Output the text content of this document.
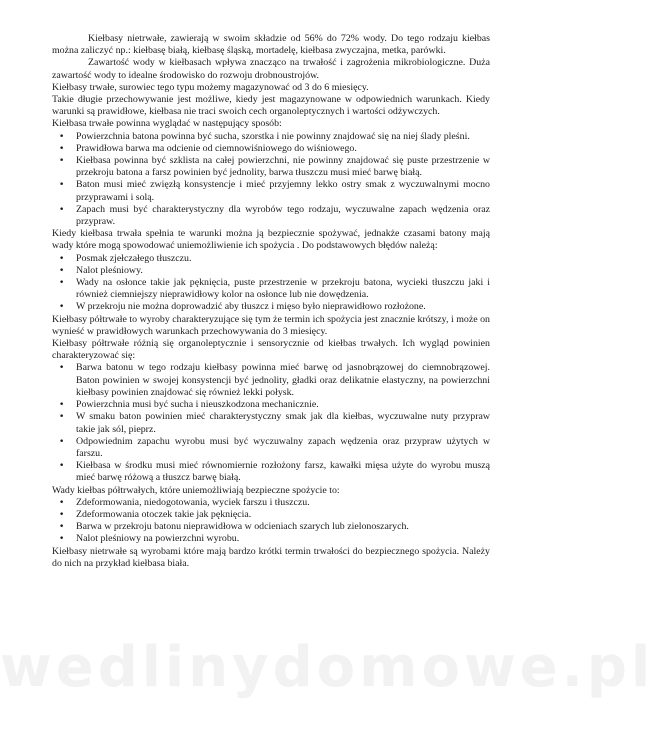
wedlinydomowe.pl

Kiełbasy nietrwałe, zawierają w swoim składzie od 56% do 72% wody. Do tego rodzaju kiełbas można zaliczyć np.: kiełbasę białą, kiełbasę śląską, mortadelę, kiełbasa zwyczajna, metka, parówki.

Zawartość wody w kiełbasach wpływa znacząco na trwałość i zagrożenia mikrobiologiczne. Duża zawartość wody to idealne środowisko do rozwoju drobnoustrojów.

Kiełbasy trwałe, surowiec tego typu możemy magazynować od 3 do 6 miesięcy.

Takie długie przechowywanie jest możliwe, kiedy jest magazynowane w odpowiednich warunkach. Kiedy warunki są prawidłowe, kiełbasa nie traci swoich cech organoleptycznych i wartości odżywczych.

Kiełbasa trwałe powinna wyglądać w następujący sposób:

• Powierzchnia batona powinna być sucha, szorstka i nie powinny znajdować się na niej ślady pleśni.
• Prawidłowa barwa ma odcienie od ciemnowiśniowego do wiśniowego.
• Kiełbasa powinna być szklista na całej powierzchni, nie powinny znajdować się puste przestrzenie w przekroju batona a farsz powinien być jednolity, barwa tłuszczu musi mieć barwę białą.
• Baton musi mieć zwięzłą konsystencje i mieć przyjemny lekko ostry smak z wyczuwalnymi mocno przyprawami i solą.
• Zapach musi być charakterystyczny dla wyrobów tego rodzaju, wyczuwalne zapach wędzenia oraz przypraw.

Kiedy kiełbasa trwała spełnia te warunki można ją bezpiecznie spożywać, jednakże czasami batony mają wady które mogą spowodować uniemożliwienie ich spożycia . Do podstawowych błędów należą:

• Posmak zjełczałego tłuszczu.
• Nalot pleśniowy.
• Wady na osłonce takie jak pęknięcia, puste przestrzenie w przekroju batona, wycieki tłuszczu jaki i również ciemniejszy nieprawidłowy kolor na osłonce lub nie dowędzenia.
• W przekroju nie można doprowadzić aby tłuszcz i mięso było nieprawidłowo rozłożone.

Kiełbasy półtrwałe to wyroby charakteryzujące się tym że termin ich spożycia jest znacznie krótszy, i może on wynieść w prawidłowych warunkach przechowywania do 3 miesięcy.

Kiełbasy półtrwałe różnią się organoleptycznie i sensorycznie od kiełbas trwałych. Ich wygląd powinien charakteryzować się:

• Barwa batonu w tego rodzaju kiełbasy powinna mieć barwę od jasnobrązowej do ciemnobrązowej. Baton powinien w swojej konsystencji być jednolity, gładki oraz delikatnie elastyczny, na powierzchni kiełbasy powinien znajdować się również lekki połysk.
• Powierzchnia musi być sucha i nieuszkodzona mechanicznie.
• W smaku baton powinien mieć charakterystyczny smak jak dla kiełbas, wyczuwalne nuty przypraw takie jak sól, pieprz.
• Odpowiednim zapachu wyrobu musi być wyczuwalny zapach wędzenia oraz przypraw użytych w farszu.
• Kiełbasa w środku musi mieć równomiernie rozłożony farsz, kawałki mięsa użyte do wyrobu muszą mieć barwę różową a tłuszcz barwę białą.

Wady kiełbas półtrwałych, które uniemożliwiają bezpieczne spożycie to:

• Zdeformowania, niedogotowania, wyciek farszu i tłuszczu.
• Zdeformowania otoczek takie jak pęknięcia.
• Barwa w przekroju batonu nieprawidłowa w odcieniach szarych lub zielonoszarych.
• Nalot pleśniowy na powierzchni wyrobu.

Kiełbasy nietrwałe są wyrobami które mają bardzo krótki termin trwałości do bezpiecznego spożycia. Należy do nich na przykład kiełbasa biała.
